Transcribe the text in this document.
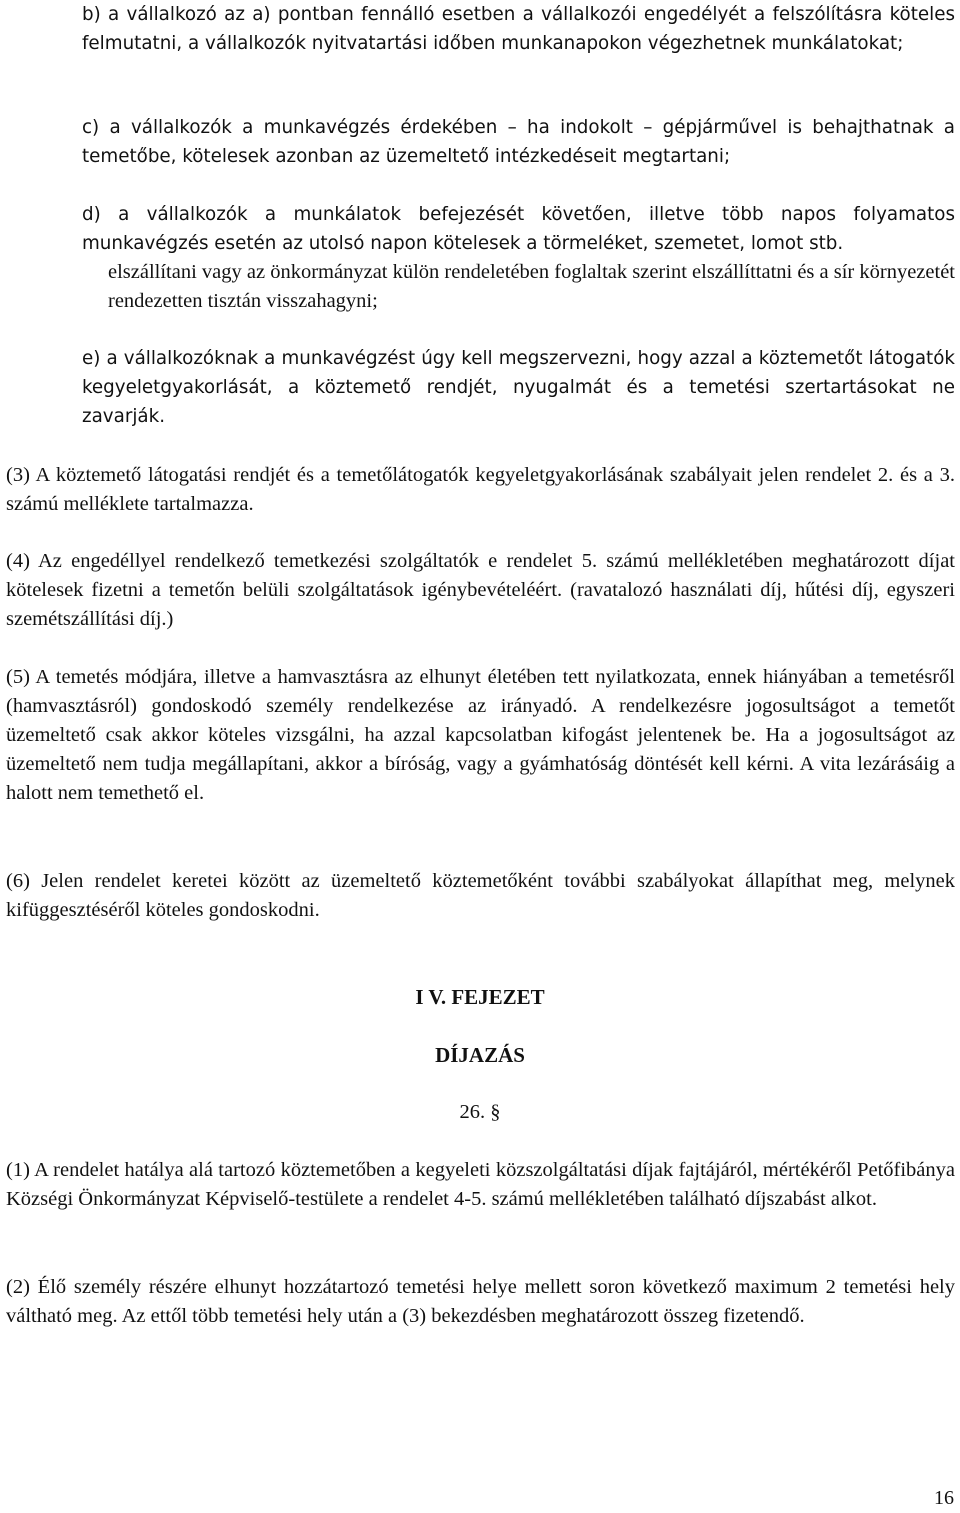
b) a vállalkozó az a) pontban fennálló esetben a vállalkozói engedélyét a felszólításra köteles felmutatni, a vállalkozók nyitvatartási időben munkanapokon végezhetnek munkálatokat;

c) a vállalkozók a munkavégzés érdekében – ha indokolt – gépjárművel is behajthatnak a temetőbe, kötelesek azonban az üzemeltető intézkedéseit megtartani;

d) a vállalkozók a munkálatok befejezését követően, illetve több napos folyamatos munkavégzés esetén az utolsó napon kötelesek a törmeléket, szemetet, lomot stb.

elszállítani vagy az önkormányzat külön rendeletében foglaltak szerint elszállíttatni és a sír környezetét rendezetten tisztán visszahagyni;

e) a vállalkozóknak a munkavégzést úgy kell megszervezni, hogy azzal a köztemetőt látogatók kegyeletgyakorlását, a köztemető rendjét, nyugalmát és a temetési szertartásokat ne zavarják.

(3) A köztemető látogatási rendjét és a temetőlátogatók kegyeletgyakorlásának szabályait jelen rendelet 2. és a 3. számú melléklete tartalmazza.

(4) Az engedéllyel rendelkező temetkezési szolgáltatók e rendelet 5. számú mellékletében meghatározott díjat kötelesek fizetni a temetőn belüli szolgáltatások igénybevételéért. (ravatalozó használati díj, hűtési díj, egyszeri szemétszállítási díj.)

(5) A temetés módjára, illetve a hamvasztásra az elhunyt életében tett nyilatkozata, ennek hiányában a temetésről (hamvasztásról) gondoskodó személy rendelkezése az irányadó. A rendelkezésre jogosultságot a temetőt üzemeltető csak akkor köteles vizsgálni, ha azzal kapcsolatban kifogást jelentenek be. Ha a jogosultságot az üzemeltető nem tudja megállapítani, akkor a bíróság, vagy a gyámhatóság döntését kell kérni. A vita lezárásáig a halott nem temethető el.

(6) Jelen rendelet keretei között az üzemeltető köztemetőként további szabályokat állapíthat meg, melynek kifüggesztéséről köteles gondoskodni.

I V. FEJEZET

DÍJAZÁS

26. §

(1) A rendelet hatálya alá tartozó köztemetőben a kegyeleti közszolgáltatási díjak fajtájáról, mértékéről Petőfibánya Községi Önkormányzat Képviselő-testülete a rendelet 4-5. számú mellékletében található díjszabást alkot.

(2) Élő személy részére elhunyt hozzátartozó temetési helye mellett soron következő maximum 2 temetési hely váltható meg. Az ettől több temetési hely után a (3) bekezdésben meghatározott összeg fizetendő.

16
